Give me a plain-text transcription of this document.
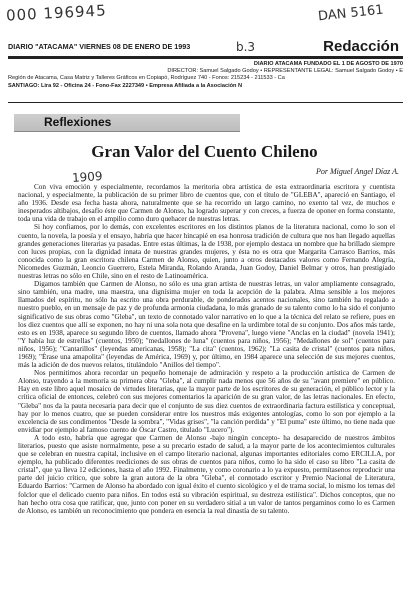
000 196945	DAN 5161
b.3
DIARIO "ATACAMA" VIERNES 08 DE ENERO DE 1993	Redacción
DIARIO ATACAMA FUNDADO EL 1 DE AGOSTO DE 1970
DIRECTOR: Samuel Salgado Godoy • REPRESENTANTE LEGAL: Samuel Salgado Godoy • E
Región de Atacama, Casa Matriz y Talleres Gráficos en Copiapó, Rodríguez 740 - Fonos: 215234 - 211533 - Ca
SANTIAGO: Lira 92 - Oficina 24 - Fono-Fax 2227349 • Empresa Afiliada a la Asociación N
Reflexiones
Gran Valor del Cuento Chileno
1909	Por Miguel Angel Díaz A.

Con viva emoción y especialmente, recordamos la meritoria obra artística de esta extraordinaria escritora y cuentista nacional, y especialmente, la publicación de su primer libro de cuentos que, con el título de "GLEBA", apareció en Santiago, el año 1936. Desde esa fecha hasta ahora, naturalmente que se ha recorrido un largo camino, no exento tal vez, de muchos e inesperados altibajos, desafío éste que Carmen de Alonso, ha logrado superar y con creces, a fuerza de oponer en forma constante, toda una vida de trabajo en el ampilio como duro quehacer de nuestras letras.

Si hoy confiamos, por lo demás, con excelentes escritores en los distintos planos de la literatura nacional, como lo son el cuento, la novela, la poesía y el ensayo, habría que hacer hincapié en esa honrosa tradición de cultura que nos han llegado aquellas grandes generaciones literarias ya pasadas. Entre estas últimas, la de 1938, por ejemplo destaca un nombre que ha brillado siempre con luces propias, con la dignidad innata de nuestras grandes mujeres, y ésta no es otra que Margarita Carrasco Barrios, más conocida como la gran escritora chilena Carmen de Alonso, quien, junto a otros destacados valores como Fernando Alegría, Nicomedes Guzmán, Leoncio Guerrero, Estela Miranda, Rolando Aranda, Juan Godoy, Daniel Belmar y otros, han prestigiado nuestras letras no sólo en Chile, sino en el resto de Latinoamérica.

Digamos también que Carmen de Alonso, no sólo es una gran artista de nuestras letras, un valor ampliamente consagrado, sino también, una madre, una maestra, una dignísima mujer en toda la acepción de la palabra. Alma sensible a los mejores llamados del espíritu, no sólo ha escrito una obra perdurable, de ponderados acentos nacionales, sino también ha regalado a nuestro pueblo, en un mensaje de paz y de profunda armonía ciudadana, lo más granado de su talento como lo ha sido el conjunto significativo de sus obras como "Gleba", un texto de connotado valor narrativo en lo que a la técnica del relato se refiere, pues en los diez cuentos que allí se exponen, no hay ni una sola nota que desafine en la urdimbre total de su conjunto. Dos años más tarde, esto es en 1938, aparece su segundo libro de cuentos, llamado ahora "Provena", luego viene "Anclas en la ciudad" (novela 1941); "Y había luz de estrellas" (cuentos, 1950); "medallones de luna" (cuentos para niños, 1956); "Medallones de sol" (cuentos para niños, 1956); "Cantarillos" (leyendas americanas, 1958); "La cita" (cuentos, 1962); "La casita de cristal" (cuentos para niños, 1969); "Érase una amapolita" (leyendas de América, 1969) y, por último, en 1984 aparece una selección de sus mejores cuentos, más la adición de dos nuevos relatos, titulándolo "Anillos del tiempo".

Nos permitimos ahora recordar un pequeño homenaje de admiración y respeto a la producción artística de Carmen de Alonso, trayendo a la memoria su primera obra "Gleba", al cumplir nada menos que 56 años de su "avant premiere" en público. Hay en este libro aquel mosaico de virtudes literarias, que la mayor parte de los escritores de su generación, el público lector y la crítica oficial de entonces, celebró con sus mejores comentarios la aparición de su gran valor, de las letras nacionales. En efecto, "Gleba" nos da la pauta necesaria para decir que el conjunto de sus diez cuentos de extraordinaria factura estilística y conceptual, hay por lo menos cuatro, que se pueden considerar entre los nuestros más exigentes antologías, como lo son por ejemplo a la excelencia de sus condimentos "Desde la sombra", "Vidas grises", "la canción perdida" y "El puma" este último, no tiene nada que envidiar por ejemplo al famoso cuento de Óscar Castro, titulado "Lucero").

A todo esto, habría que agregar que Carmen de Alonso -bajo ningún concepto- ha desaparecido de nuestros ámbitos literarios, puesto que asiste normalmente, pese a su precario estado de salud, a la mayor parte de los acontecimientos culturales que se celebran en nuestra capital, inclusive en el campo literario nacional, algunas importantes editoriales como ERCILLA, por ejemplo, ha publicado diferentes reediciones de sus obras de cuentos para niños, como lo ha sido el caso su libro "La casita de cristal", que ya lleva 12 ediciones, hasta el año 1992. Finalmente, y como coronario a lo ya expuesto, permítasenos reproducir una parte del juicio crítico, que sobre la gran autora de la obra "Gleba", el connotado escritor y Premio Nacional de Literatura, Eduardo Barrios: "Carmen de Alonso ha abordado con igual éxito el cuento sicológico y el de trama social, lo mismo los temas del folclor que el delicado cuento para niños. En todos está su vibración espiritual, su destreza estilística". Dichos conceptos, que no han hecho otra cosa que ratificar, que, junto con poner en su verdadero sitial a un valor de tantos pergaminos como lo es Carmen de Alonso, es también un reconocimiento que pondera en esencia la real dinastía de su talento.
